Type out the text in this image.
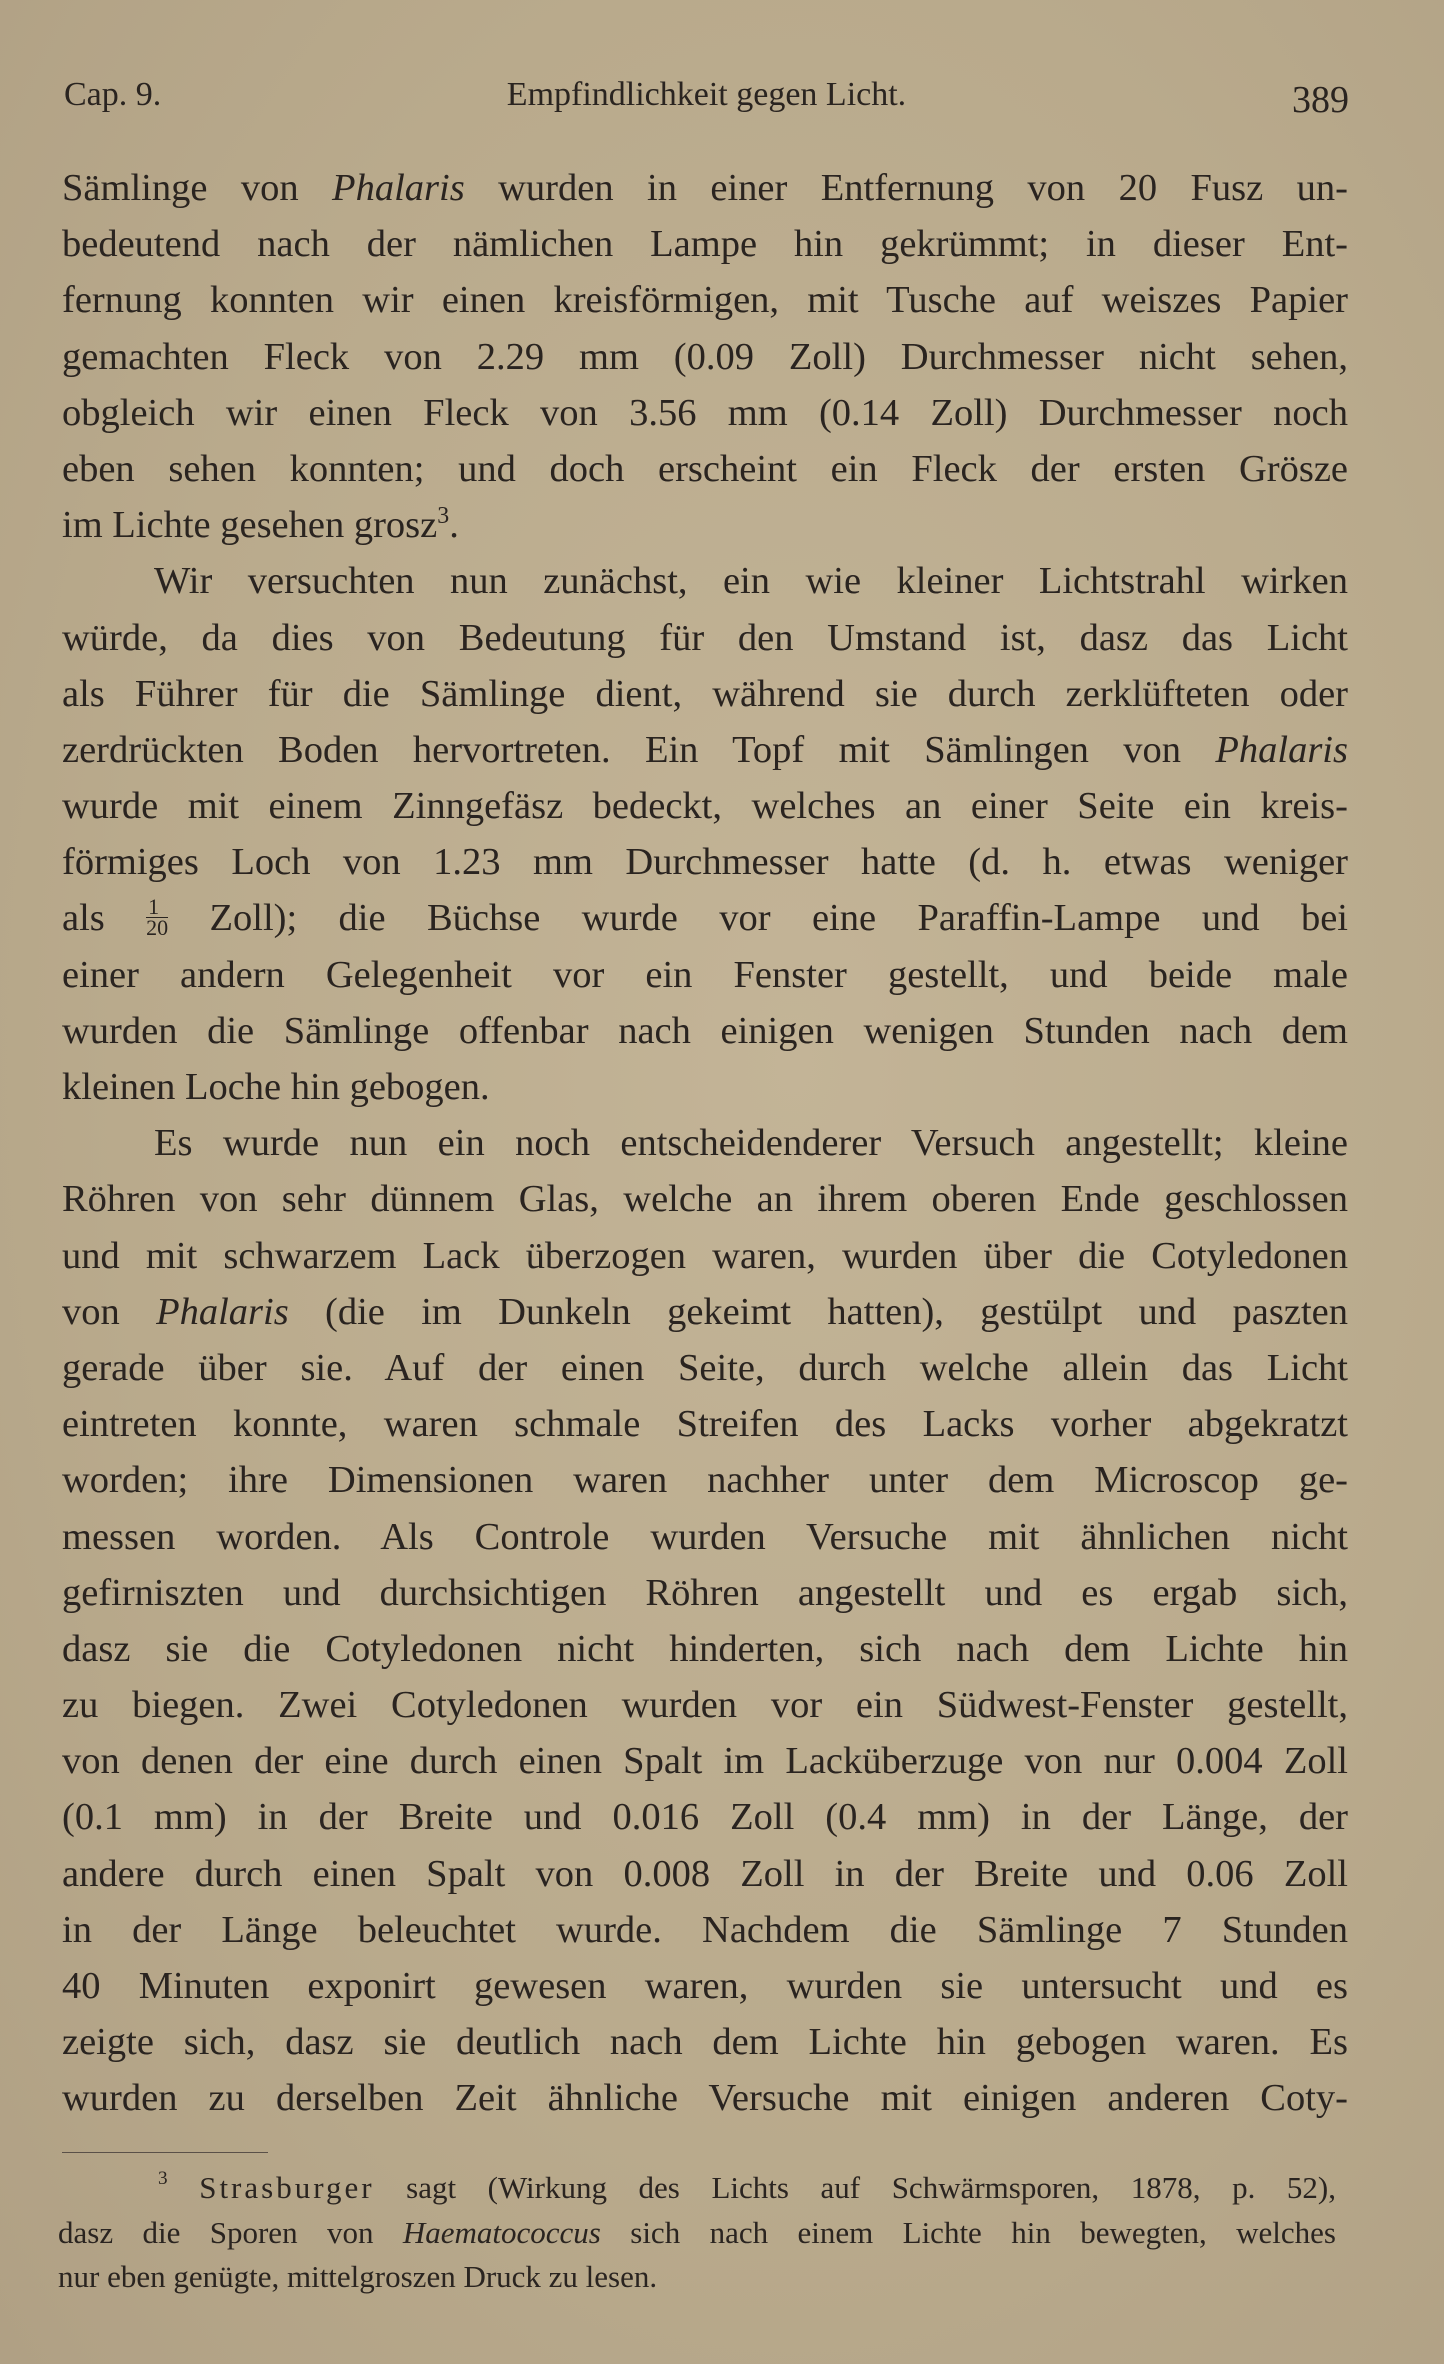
Cap. 9.	Empfindlichkeit gegen Licht.	389
Sämlinge von Phalaris wurden in einer Entfernung von 20 Fusz un-
bedeutend nach der nämlichen Lampe hin gekrümmt; in dieser Ent-
fernung konnten wir einen kreisförmigen, mit Tusche auf weiszes Papier
gemachten Fleck von 2.29 mm (0.09 Zoll) Durchmesser nicht sehen,
obgleich wir einen Fleck von 3.56 mm (0.14 Zoll) Durchmesser noch
eben sehen konnten; und doch erscheint ein Fleck der ersten Grösze
im Lichte gesehen grosz$^3$.
Wir versuchten nun zunächst, ein wie kleiner Lichtstrahl wirken
würde, da dies von Bedeutung für den Umstand ist, dasz das Licht
als Führer für die Sämlinge dient, während sie durch zerklüfteten oder
zerdrückten Boden hervortreten. Ein Topf mit Sämlingen von Phalaris
wurde mit einem Zinngefäsz bedeckt, welches an einer Seite ein kreis-
förmiges Loch von 1.23 mm Durchmesser hatte (d. h. etwas weniger
als $\frac{1}{20}$ Zoll); die Büchse wurde vor eine Paraffin-Lampe und bei
einer andern Gelegenheit vor ein Fenster gestellt, und beide male
wurden die Sämlinge offenbar nach einigen wenigen Stunden nach dem
kleinen Loche hin gebogen.
Es wurde nun ein noch entscheidenderer Versuch angestellt; kleine
Röhren von sehr dünnem Glas, welche an ihrem oberen Ende geschlossen
und mit schwarzem Lack überzogen waren, wurden über die Cotyledonen
von Phalaris (die im Dunkeln gekeimt hatten), gestülpt und paszten
gerade über sie. Auf der einen Seite, durch welche allein das Licht
eintreten konnte, waren schmale Streifen des Lacks vorher abgekratzt
worden; ihre Dimensionen waren nachher unter dem Microscop ge-
messen worden. Als Controle wurden Versuche mit ähnlichen nicht
gefirniszten und durchsichtigen Röhren angestellt und es ergab sich,
dasz sie die Cotyledonen nicht hinderten, sich nach dem Lichte hin
zu biegen. Zwei Cotyledonen wurden vor ein Südwest-Fenster gestellt,
von denen der eine durch einen Spalt im Lacküberzuge von nur 0.004 Zoll
(0.1 mm) in der Breite und 0.016 Zoll (0.4 mm) in der Länge, der
andere durch einen Spalt von 0.008 Zoll in der Breite und 0.06 Zoll
in der Länge beleuchtet wurde. Nachdem die Sämlinge 7 Stunden
40 Minuten exponirt gewesen waren, wurden sie untersucht und es
zeigte sich, dasz sie deutlich nach dem Lichte hin gebogen waren. Es
wurden zu derselben Zeit ähnliche Versuche mit einigen anderen Coty-
$^3$ Strasburger sagt (Wirkung des Lichts auf Schwärmsporen, 1878, p. 52),
dasz die Sporen von Haematococcus sich nach einem Lichte hin bewegten, welches
nur eben genügte, mittelgroszen Druck zu lesen.
